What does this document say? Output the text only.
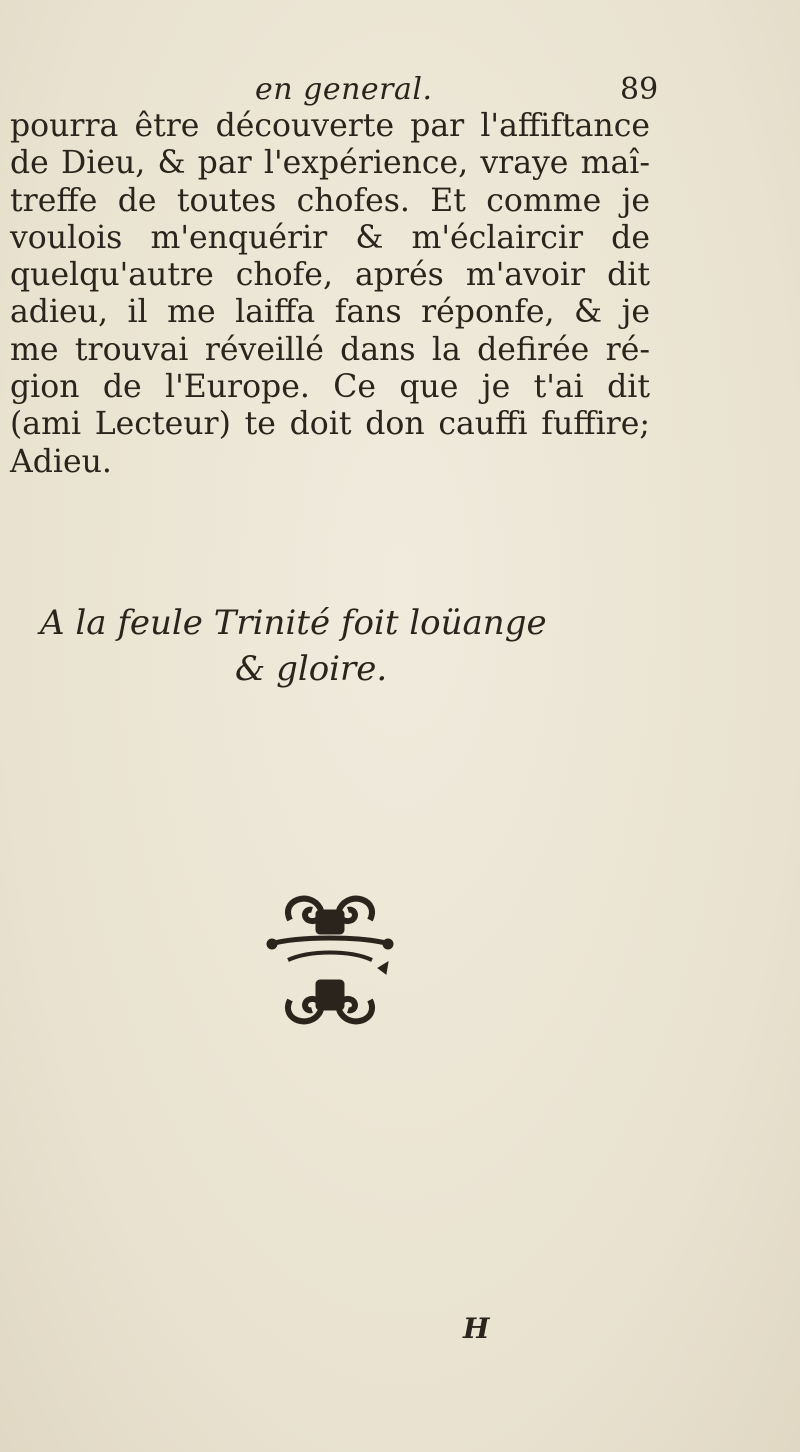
en general.	89
pourra être découverte par l'affiftance
de Dieu, & par l'expérience, vraye maî-
treffe de toutes chofes. Et comme je
voulois m'enquérir & m'éclaircir de
quelqu'autre chofe, aprés m'avoir dit
adieu, il me laiffa fans réponfe, & je
me trouvai réveillé dans la defirée ré-
gion de l'Europe. Ce que je t'ai dit
(ami Lecteur) te doit don cauffi fuffire;
Adieu.
A la feule Trinité foit loüange
& gloire.
H
